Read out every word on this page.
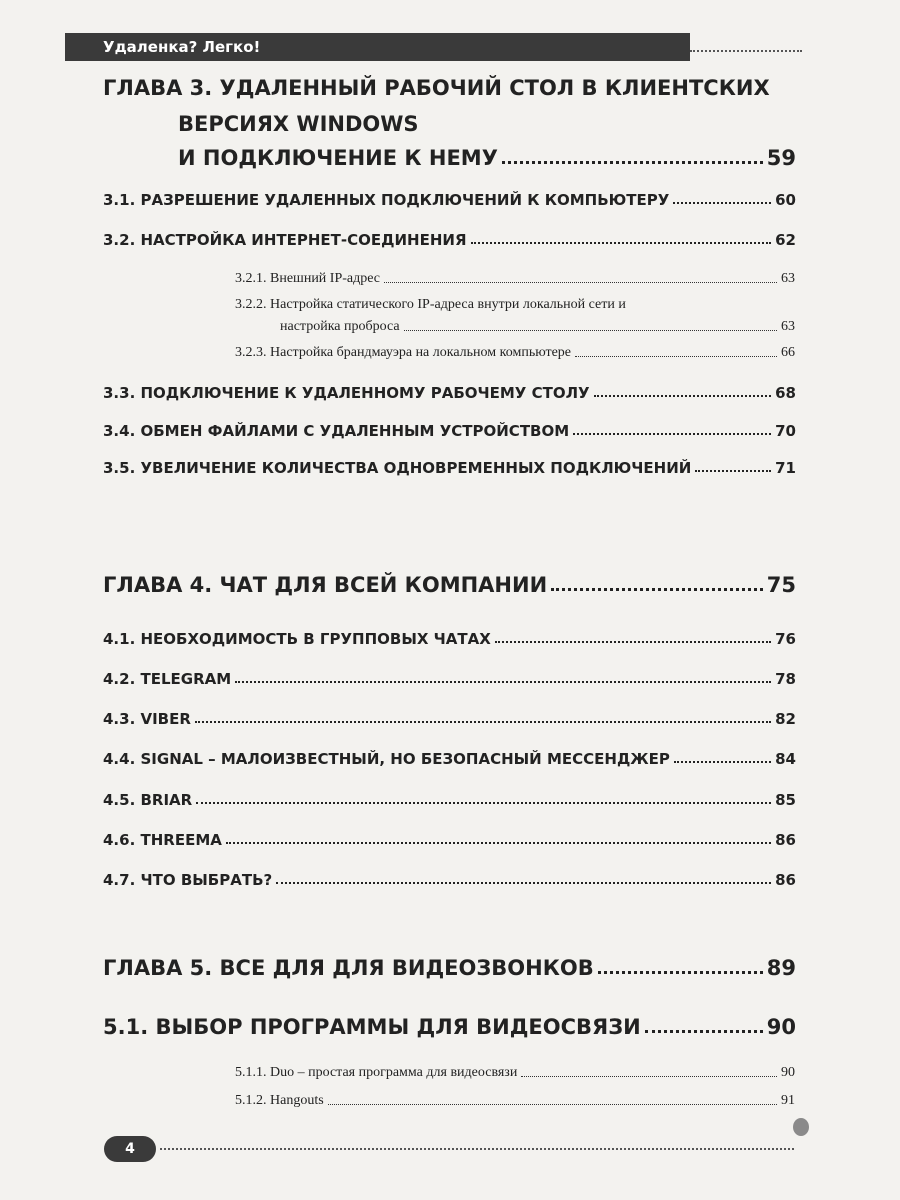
Удаленка? Легко!
ГЛАВА 3. УДАЛЕННЫЙ РАБОЧИЙ СТОЛ В КЛИЕНТСКИХ
ВЕРСИЯХ WINDOWS
И ПОДКЛЮЧЕНИЕ К НЕМУ	59
3.1. РАЗРЕШЕНИЕ УДАЛЕННЫХ ПОДКЛЮЧЕНИЙ К КОМПЬЮТЕРУ	60
3.2. НАСТРОЙКА ИНТЕРНЕТ-СОЕДИНЕНИЯ	62
3.2.1. Внешний IP-адрес	63
3.2.2. Настройка статического IP-адреса внутри локальной сети и
настройка проброса	63
3.2.3. Настройка брандмауэра на локальном компьютере	66
3.3. ПОДКЛЮЧЕНИЕ К УДАЛЕННОМУ РАБОЧЕМУ СТОЛУ	68
3.4. ОБМЕН ФАЙЛАМИ С УДАЛЕННЫМ УСТРОЙСТВОМ	70
3.5. УВЕЛИЧЕНИЕ КОЛИЧЕСТВА ОДНОВРЕМЕННЫХ ПОДКЛЮЧЕНИЙ	71
ГЛАВА 4. ЧАТ ДЛЯ ВСЕЙ КОМПАНИИ	75
4.1. НЕОБХОДИМОСТЬ В ГРУППОВЫХ ЧАТАХ	76
4.2. TELEGRAM	78
4.3. VIBER	82
4.4. SIGNAL – МАЛОИЗВЕСТНЫЙ, НО БЕЗОПАСНЫЙ МЕССЕНДЖЕР	84
4.5. BRIAR	85
4.6. THREEMA	86
4.7. ЧТО ВЫБРАТЬ?	86
ГЛАВА 5. ВСЕ ДЛЯ ДЛЯ ВИДЕОЗВОНКОВ	89
5.1. ВЫБОР ПРОГРАММЫ ДЛЯ ВИДЕОСВЯЗИ	90
5.1.1. Duo – простая программа для видеосвязи	90
5.1.2. Hangouts	91
4
